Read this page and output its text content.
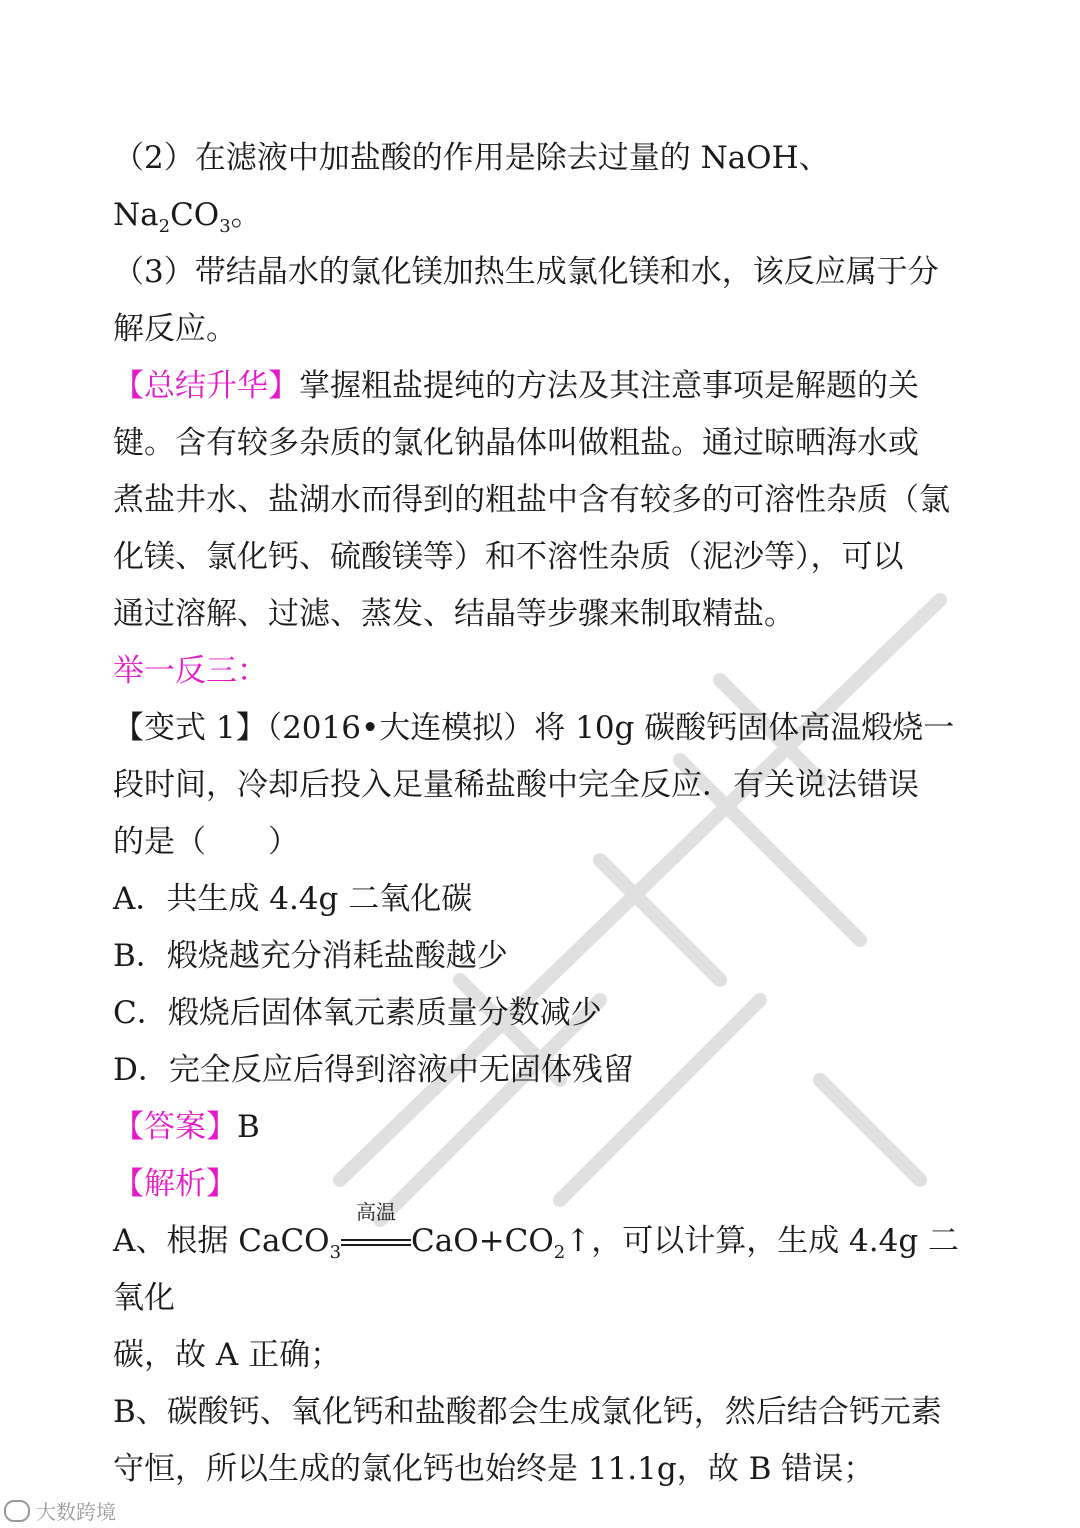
（2）在滤液中加盐酸的作用是除去过量的 NaOH、$Na_2CO_3$。

（3）带结晶水的氯化镁加热生成氯化镁和水，该反应属于分
解反应。

【总结升华】掌握粗盐提纯的方法及其注意事项是解题的关
键。含有较多杂质的氯化钠晶体叫做粗盐。通过晾晒海水或
煮盐井水、盐湖水而得到的粗盐中含有较多的可溶性杂质（氯
化镁、氯化钙、硫酸镁等）和不溶性杂质（泥沙等），可以
通过溶解、过滤、蒸发、结晶等步骤来制取精盐。

举一反三：

【变式 1】（2016•大连模拟）将 10g 碳酸钙固体高温煅烧一
段时间，冷却后投入足量稀盐酸中完全反应．有关说法错误
的是（　　）

A．共生成 4.4g 二氧化碳

B．煅烧越充分消耗盐酸越少

C．煅烧后固体氧元素质量分数减少

D．完全反应后得到溶液中无固体残留

【答案】B

【解析】

A、根据 CaCO$_3$
高温
$CaO+CO_2↑$，可以计算，生成 4.4g 二氧化
碳，故 A 正确；

B、碳酸钙、氧化钙和盐酸都会生成氯化钙，然后结合钙元素
守恒，所以生成的氯化钙也始终是 11.1g，故 B 错误；

大数跨境
